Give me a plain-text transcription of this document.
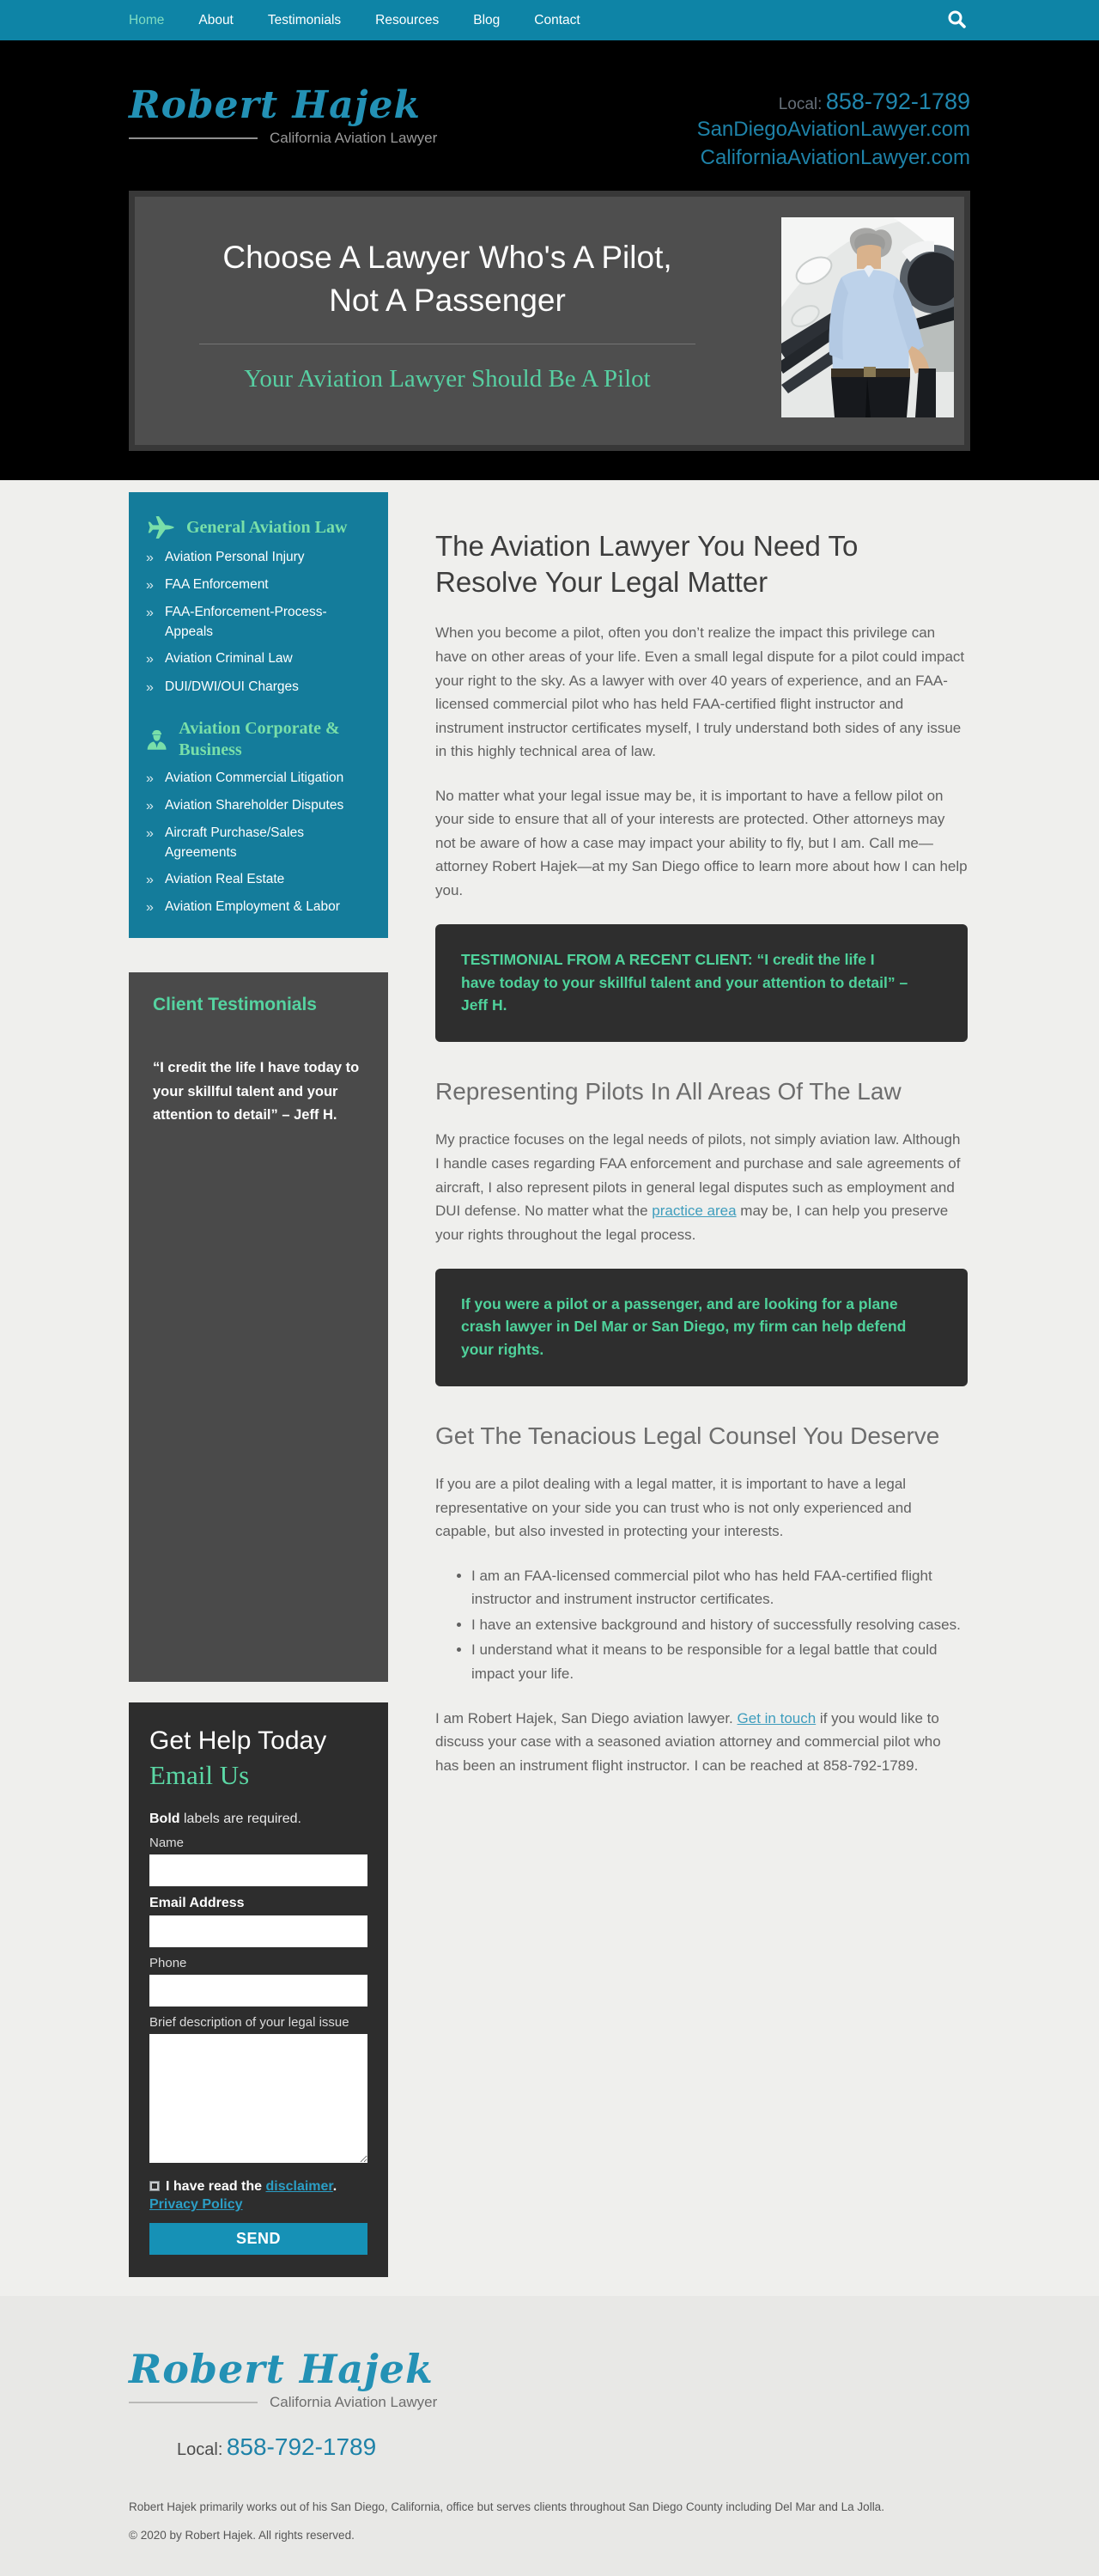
Home	About	Testimonials	Resources	Blog	Contact
Robert Hajek
California Aviation Lawyer
Local: 858-792-1789
SanDiegoAviationLawyer.com
CaliforniaAviationLawyer.com
Choose A Lawyer Who's A Pilot,
Not A Passenger
Your Aviation Lawyer Should Be A Pilot
General Aviation Law
» Aviation Personal Injury
» FAA Enforcement
» FAA-Enforcement-Process-Appeals
» Aviation Criminal Law
» DUI/DWI/OUI Charges
Aviation Corporate & Business
» Aviation Commercial Litigation
» Aviation Shareholder Disputes
» Aircraft Purchase/Sales Agreements
» Aviation Real Estate
» Aviation Employment & Labor
Client Testimonials
“I credit the life I have today to your skillful talent and your attention to detail” – Jeff H.
Get Help Today
Email Us
Bold labels are required.
Name
Email Address
Phone
Brief description of your legal issue
I have read the disclaimer.
Privacy Policy
SEND
The Aviation Lawyer You Need To Resolve Your Legal Matter

When you become a pilot, often you don’t realize the impact this privilege can have on other areas of your life. Even a small legal dispute for a pilot could impact your right to the sky. As a lawyer with over 40 years of experience, and an FAA-licensed commercial pilot who has held FAA-certified flight instructor and instrument instructor certificates myself, I truly understand both sides of any issue in this highly technical area of law.

No matter what your legal issue may be, it is important to have a fellow pilot on your side to ensure that all of your interests are protected. Other attorneys may not be aware of how a case may impact your ability to fly, but I am. Call me—attorney Robert Hajek—at my San Diego office to learn more about how I can help you.

TESTIMONIAL FROM A RECENT CLIENT: “I credit the life I have today to your skillful talent and your attention to detail” – Jeff H.
Representing Pilots In All Areas Of The Law

My practice focuses on the legal needs of pilots, not simply aviation law. Although I handle cases regarding FAA enforcement and purchase and sale agreements of aircraft, I also represent pilots in general legal disputes such as employment and DUI defense. No matter what the practice area may be, I can help you preserve your rights throughout the legal process.

If you were a pilot or a passenger, and are looking for a plane crash lawyer in Del Mar or San Diego, my firm can help defend your rights.
Get The Tenacious Legal Counsel You Deserve

If you are a pilot dealing with a legal matter, it is important to have a legal representative on your side you can trust who is not only experienced and capable, but also invested in protecting your interests.

• I am an FAA-licensed commercial pilot who has held FAA-certified flight instructor and instrument instructor certificates.
• I have an extensive background and history of successfully resolving cases.
• I understand what it means to be responsible for a legal battle that could impact your life.

I am Robert Hajek, San Diego aviation lawyer. Get in touch if you would like to discuss your case with a seasoned aviation attorney and commercial pilot who has been an instrument flight instructor. I can be reached at 858-792-1789.

Robert Hajek
California Aviation Lawyer
Local: 858-792-1789
Robert Hajek primarily works out of his San Diego, California, office but serves clients throughout San Diego County including Del Mar and La Jolla.
© 2020 by Robert Hajek. All rights reserved.
